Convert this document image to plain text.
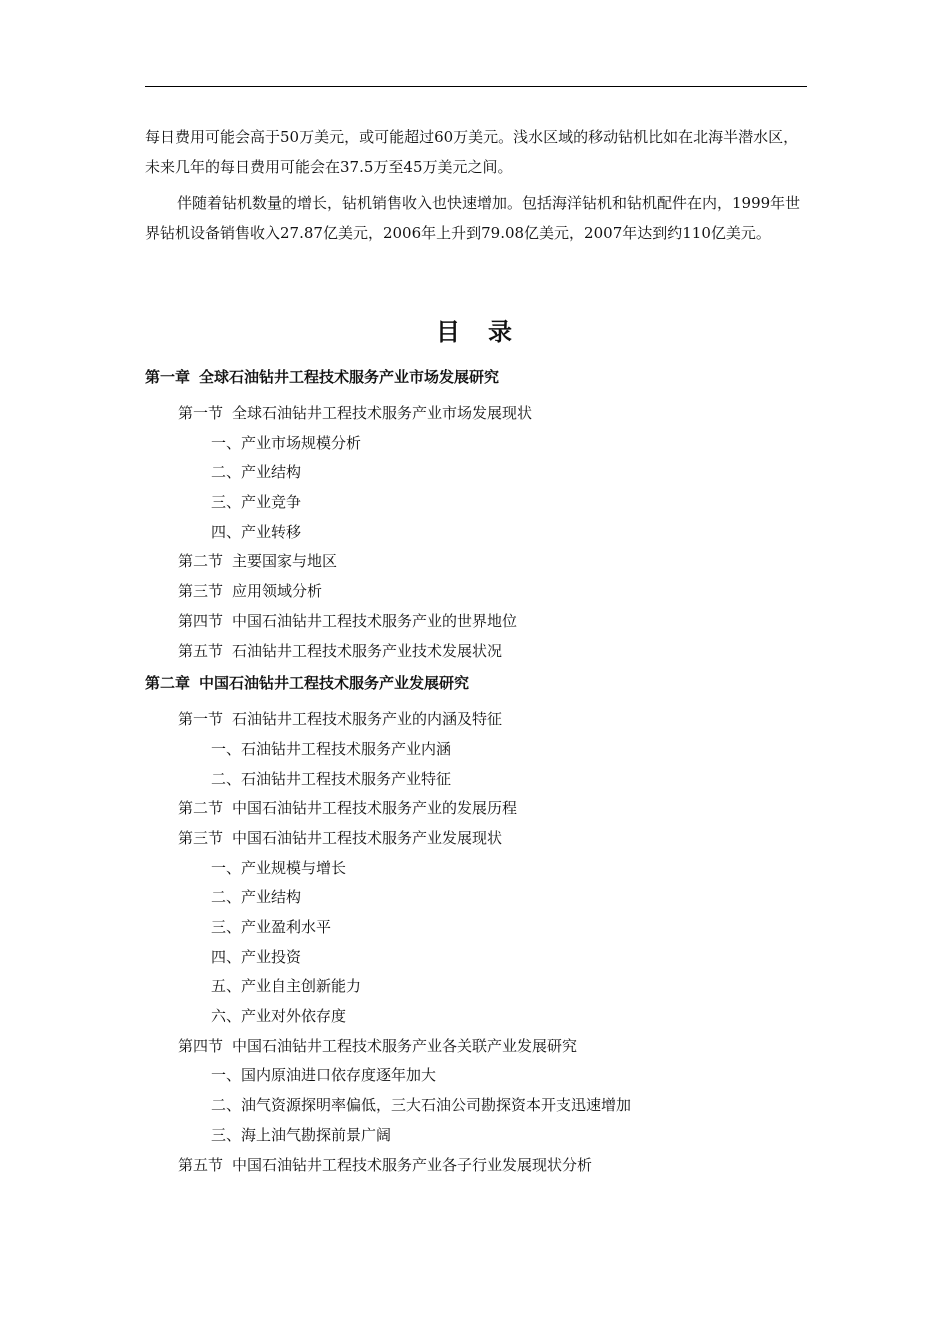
每日费用可能会高于50万美元，或可能超过60万美元。浅水区域的移动钻机比如在北海半潜水区，未来几年的每日费用可能会在37.5万至45万美元之间。

伴随着钻机数量的增长，钻机销售收入也快速增加。包括海洋钻机和钻机配件在内，1999年世界钻机设备销售收入27.87亿美元，2006年上升到79.08亿美元，2007年达到约110亿美元。

目 录
第一章 全球石油钻井工程技术服务产业市场发展研究
第一节 全球石油钻井工程技术服务产业市场发展现状
一、产业市场规模分析
二、产业结构
三、产业竞争
四、产业转移
第二节 主要国家与地区
第三节 应用领域分析
第四节 中国石油钻井工程技术服务产业的世界地位
第五节 石油钻井工程技术服务产业技术发展状况
第二章 中国石油钻井工程技术服务产业发展研究
第一节 石油钻井工程技术服务产业的内涵及特征
一、石油钻井工程技术服务产业内涵
二、石油钻井工程技术服务产业特征
第二节 中国石油钻井工程技术服务产业的发展历程
第三节 中国石油钻井工程技术服务产业发展现状
一、产业规模与增长
二、产业结构
三、产业盈利水平
四、产业投资
五、产业自主创新能力
六、产业对外依存度
第四节 中国石油钻井工程技术服务产业各关联产业发展研究
一、国内原油进口依存度逐年加大
二、油气资源探明率偏低，三大石油公司勘探资本开支迅速增加
三、海上油气勘探前景广阔
第五节 中国石油钻井工程技术服务产业各子行业发展现状分析
